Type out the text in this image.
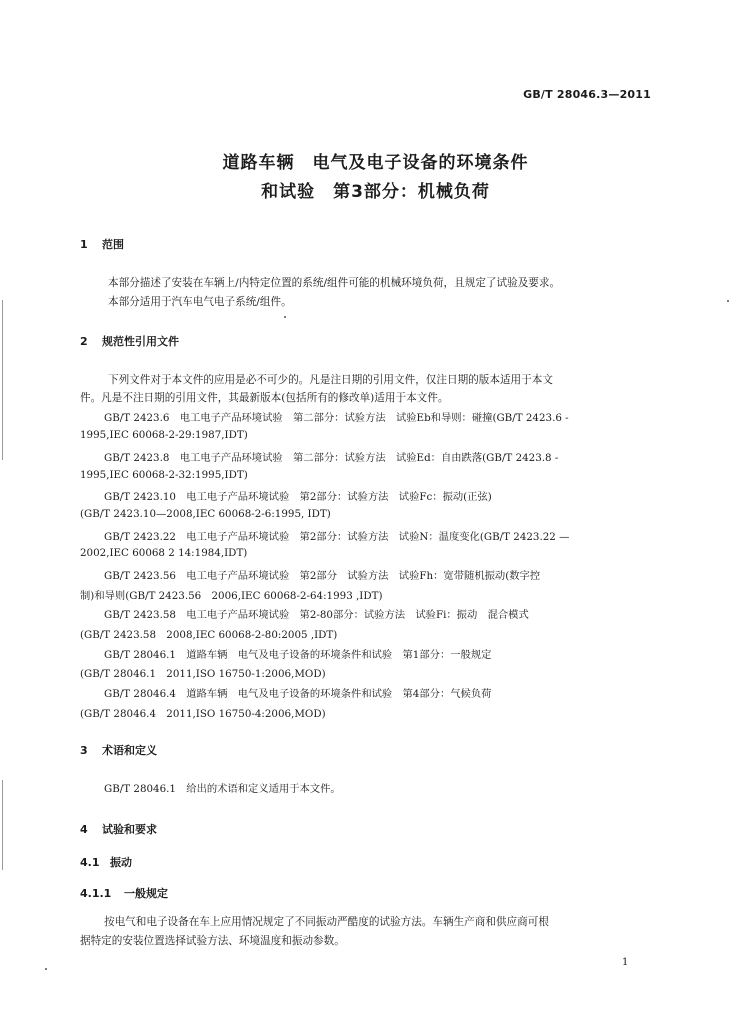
GB/T 28046.3—2011
道路车辆　电气及电子设备的环境条件
和试验　第3部分：机械负荷
1 范围
本部分描述了安装在车辆上/内特定位置的系统/组件可能的机械环境负荷，且规定了试验及要求。
本部分适用于汽车电气电子系统/组件。
2 规范性引用文件
下列文件对于本文件的应用是必不可少的。凡是注日期的引用文件，仅注日期的版本适用于本文
件。凡是不注日期的引用文件，其最新版本(包括所有的修改单)适用于本文件。
GB/T 2423.6　电工电子产品环境试验　第二部分：试验方法　试验Eb和导则：碰撞(GB/T 2423.6 -
1995,IEC 60068-2-29:1987,IDT)
GB/T 2423.8　电工电子产品环境试验　第二部分：试验方法　试验Ed：自由跌落(GB/T 2423.8 -
1995,IEC 60068-2-32:1995,IDT)
GB/T 2423.10　电工电子产品环境试验　第2部分：试验方法　试验Fc：振动(正弦)
(GB/T 2423.10—2008,IEC 60068-2-6:1995, IDT)
GB/T 2423.22　电工电子产品环境试验　第2部分：试验方法　试验N：温度变化(GB/T 2423.22 —
2002,IEC 60068 2 14:1984,IDT)
GB/T 2423.56　电工电子产品环境试验　第2部分　试验方法　试验Fh：宽带随机振动(数字控
制)和导则(GB/T 2423.56　2006,IEC 60068-2-64:1993 ,IDT)
GB/T 2423.58　电工电子产品环境试验　第2-80部分：试验方法　试验Fi：振动　混合模式
(GB/T 2423.58　2008,IEC 60068-2-80:2005 ,IDT)
GB/T 28046.1　道路车辆　电气及电子设备的环境条件和试验　第1部分：一般规定
(GB/T 28046.1　2011,ISO 16750-1:2006,MOD)
GB/T 28046.4　道路车辆　电气及电子设备的环境条件和试验　第4部分：气候负荷
(GB/T 28046.4　2011,ISO 16750-4:2006,MOD)
3 术语和定义
GB/T 28046.1　给出的术语和定义适用于本文件。
4 试验和要求
4.1 振动
4.1.1 一般规定
按电气和电子设备在车上应用情况规定了不同振动严酷度的试验方法。车辆生产商和供应商可根
据特定的安装位置选择试验方法、环境温度和振动参数。
1
